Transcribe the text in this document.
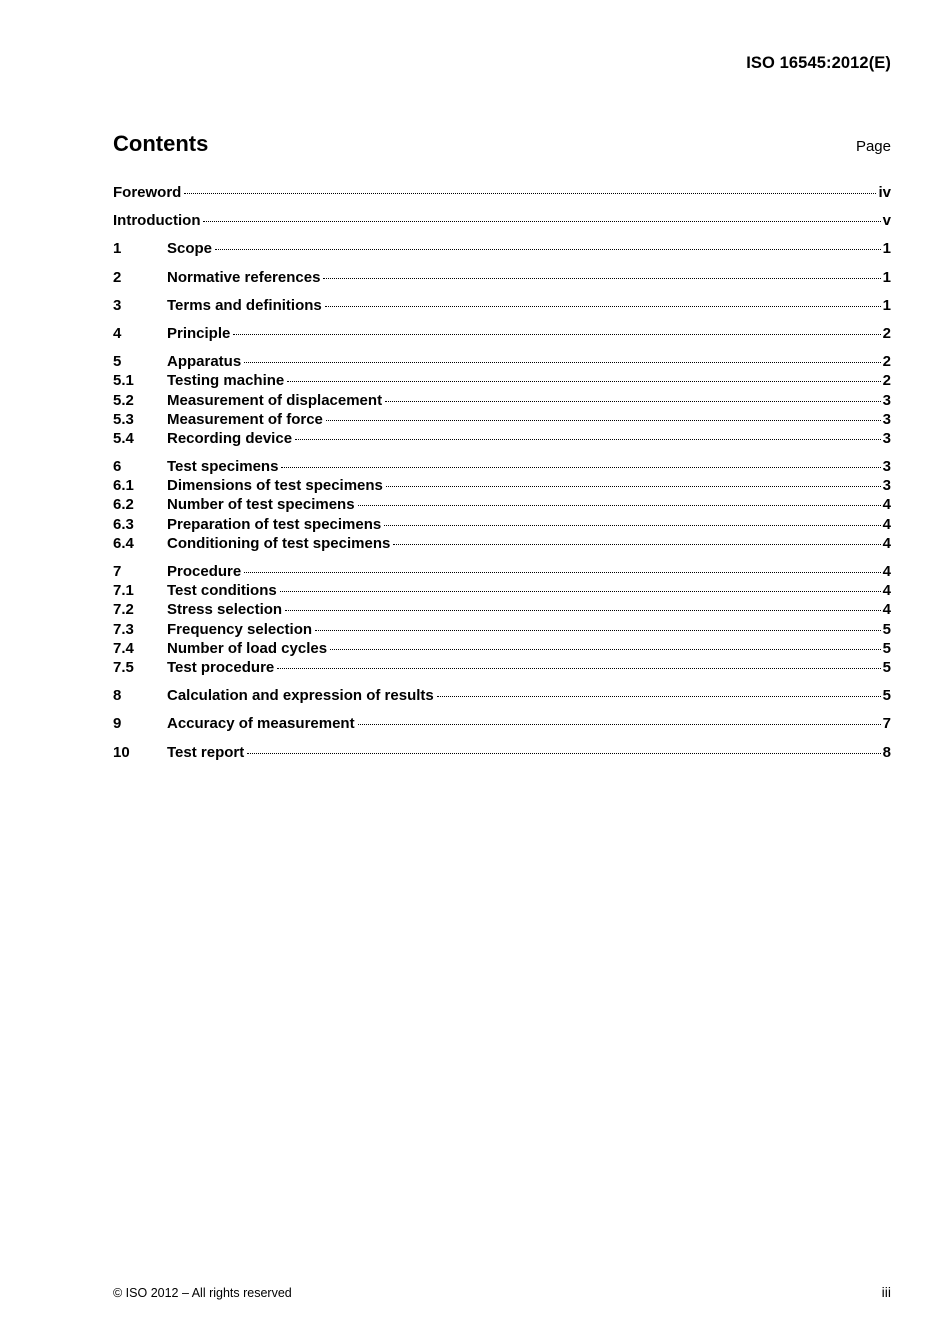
ISO 16545:2012(E)
Contents	Page
Foreword	iv
Introduction	v
1	Scope	1
2	Normative references	1
3	Terms and definitions	1
4	Principle	2
5	Apparatus	2
5.1	Testing machine	2
5.2	Measurement of displacement	3
5.3	Measurement of force	3
5.4	Recording device	3
6	Test specimens	3
6.1	Dimensions of test specimens	3
6.2	Number of test specimens	4
6.3	Preparation of test specimens	4
6.4	Conditioning of test specimens	4
7	Procedure	4
7.1	Test conditions	4
7.2	Stress selection	4
7.3	Frequency selection	5
7.4	Number of load cycles	5
7.5	Test procedure	5
8	Calculation and expression of results	5
9	Accuracy of measurement	7
10	Test report	8
© ISO 2012 – All rights reserved	iii
